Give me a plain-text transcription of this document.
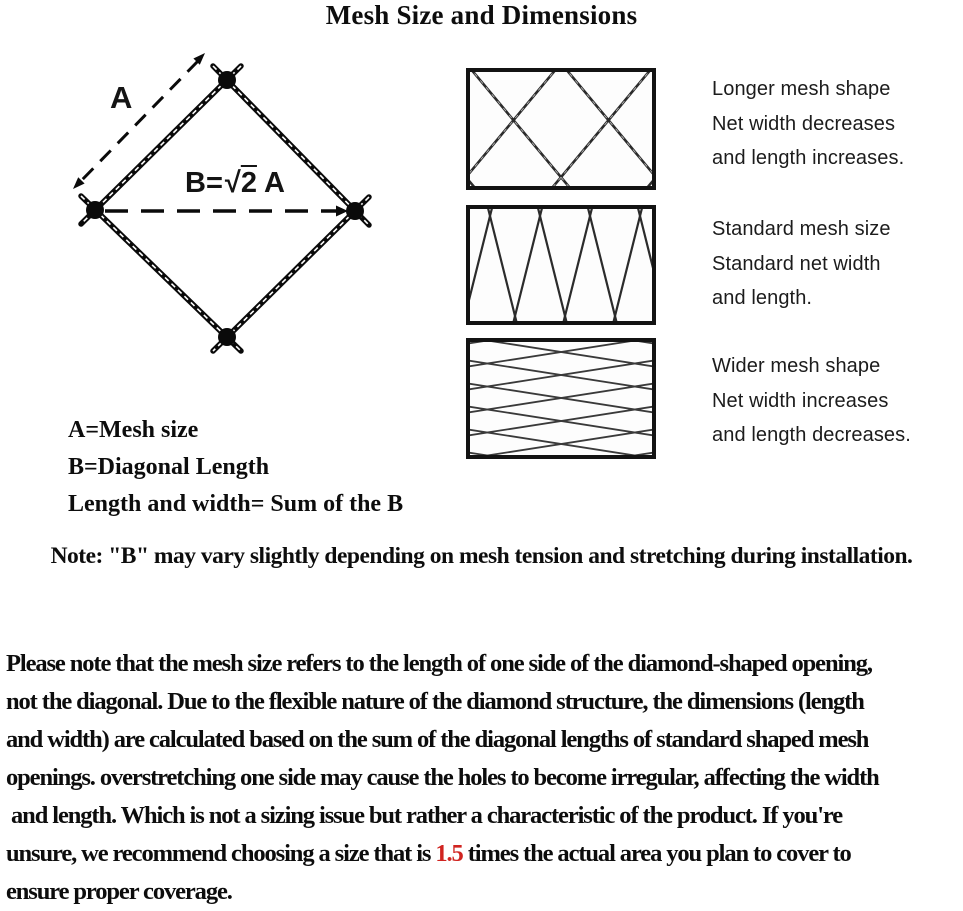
Mesh Size and Dimensions
A
B=√2 A
Longer mesh shape
Net width decreases
and length increases.
Standard mesh size
Standard net width
and length.
Wider mesh shape
Net width increases
and length decreases.
A=Mesh size
B=Diagonal Length
Length and width= Sum of the B
Note: "B" may vary slightly depending on mesh tension and stretching during installation.
Please note that the mesh size refers to the length of one side of the diamond-shaped opening,
not the diagonal. Due to the flexible nature of the diamond structure, the dimensions (length
and width) are calculated based on the sum of the diagonal lengths of standard shaped mesh
openings. overstretching one side may cause the holes to become irregular, affecting the width
and length. Which is not a sizing issue but rather a characteristic of the product. If you're
unsure, we recommend choosing a size that is 1.5 times the actual area you plan to cover to
ensure proper coverage.
